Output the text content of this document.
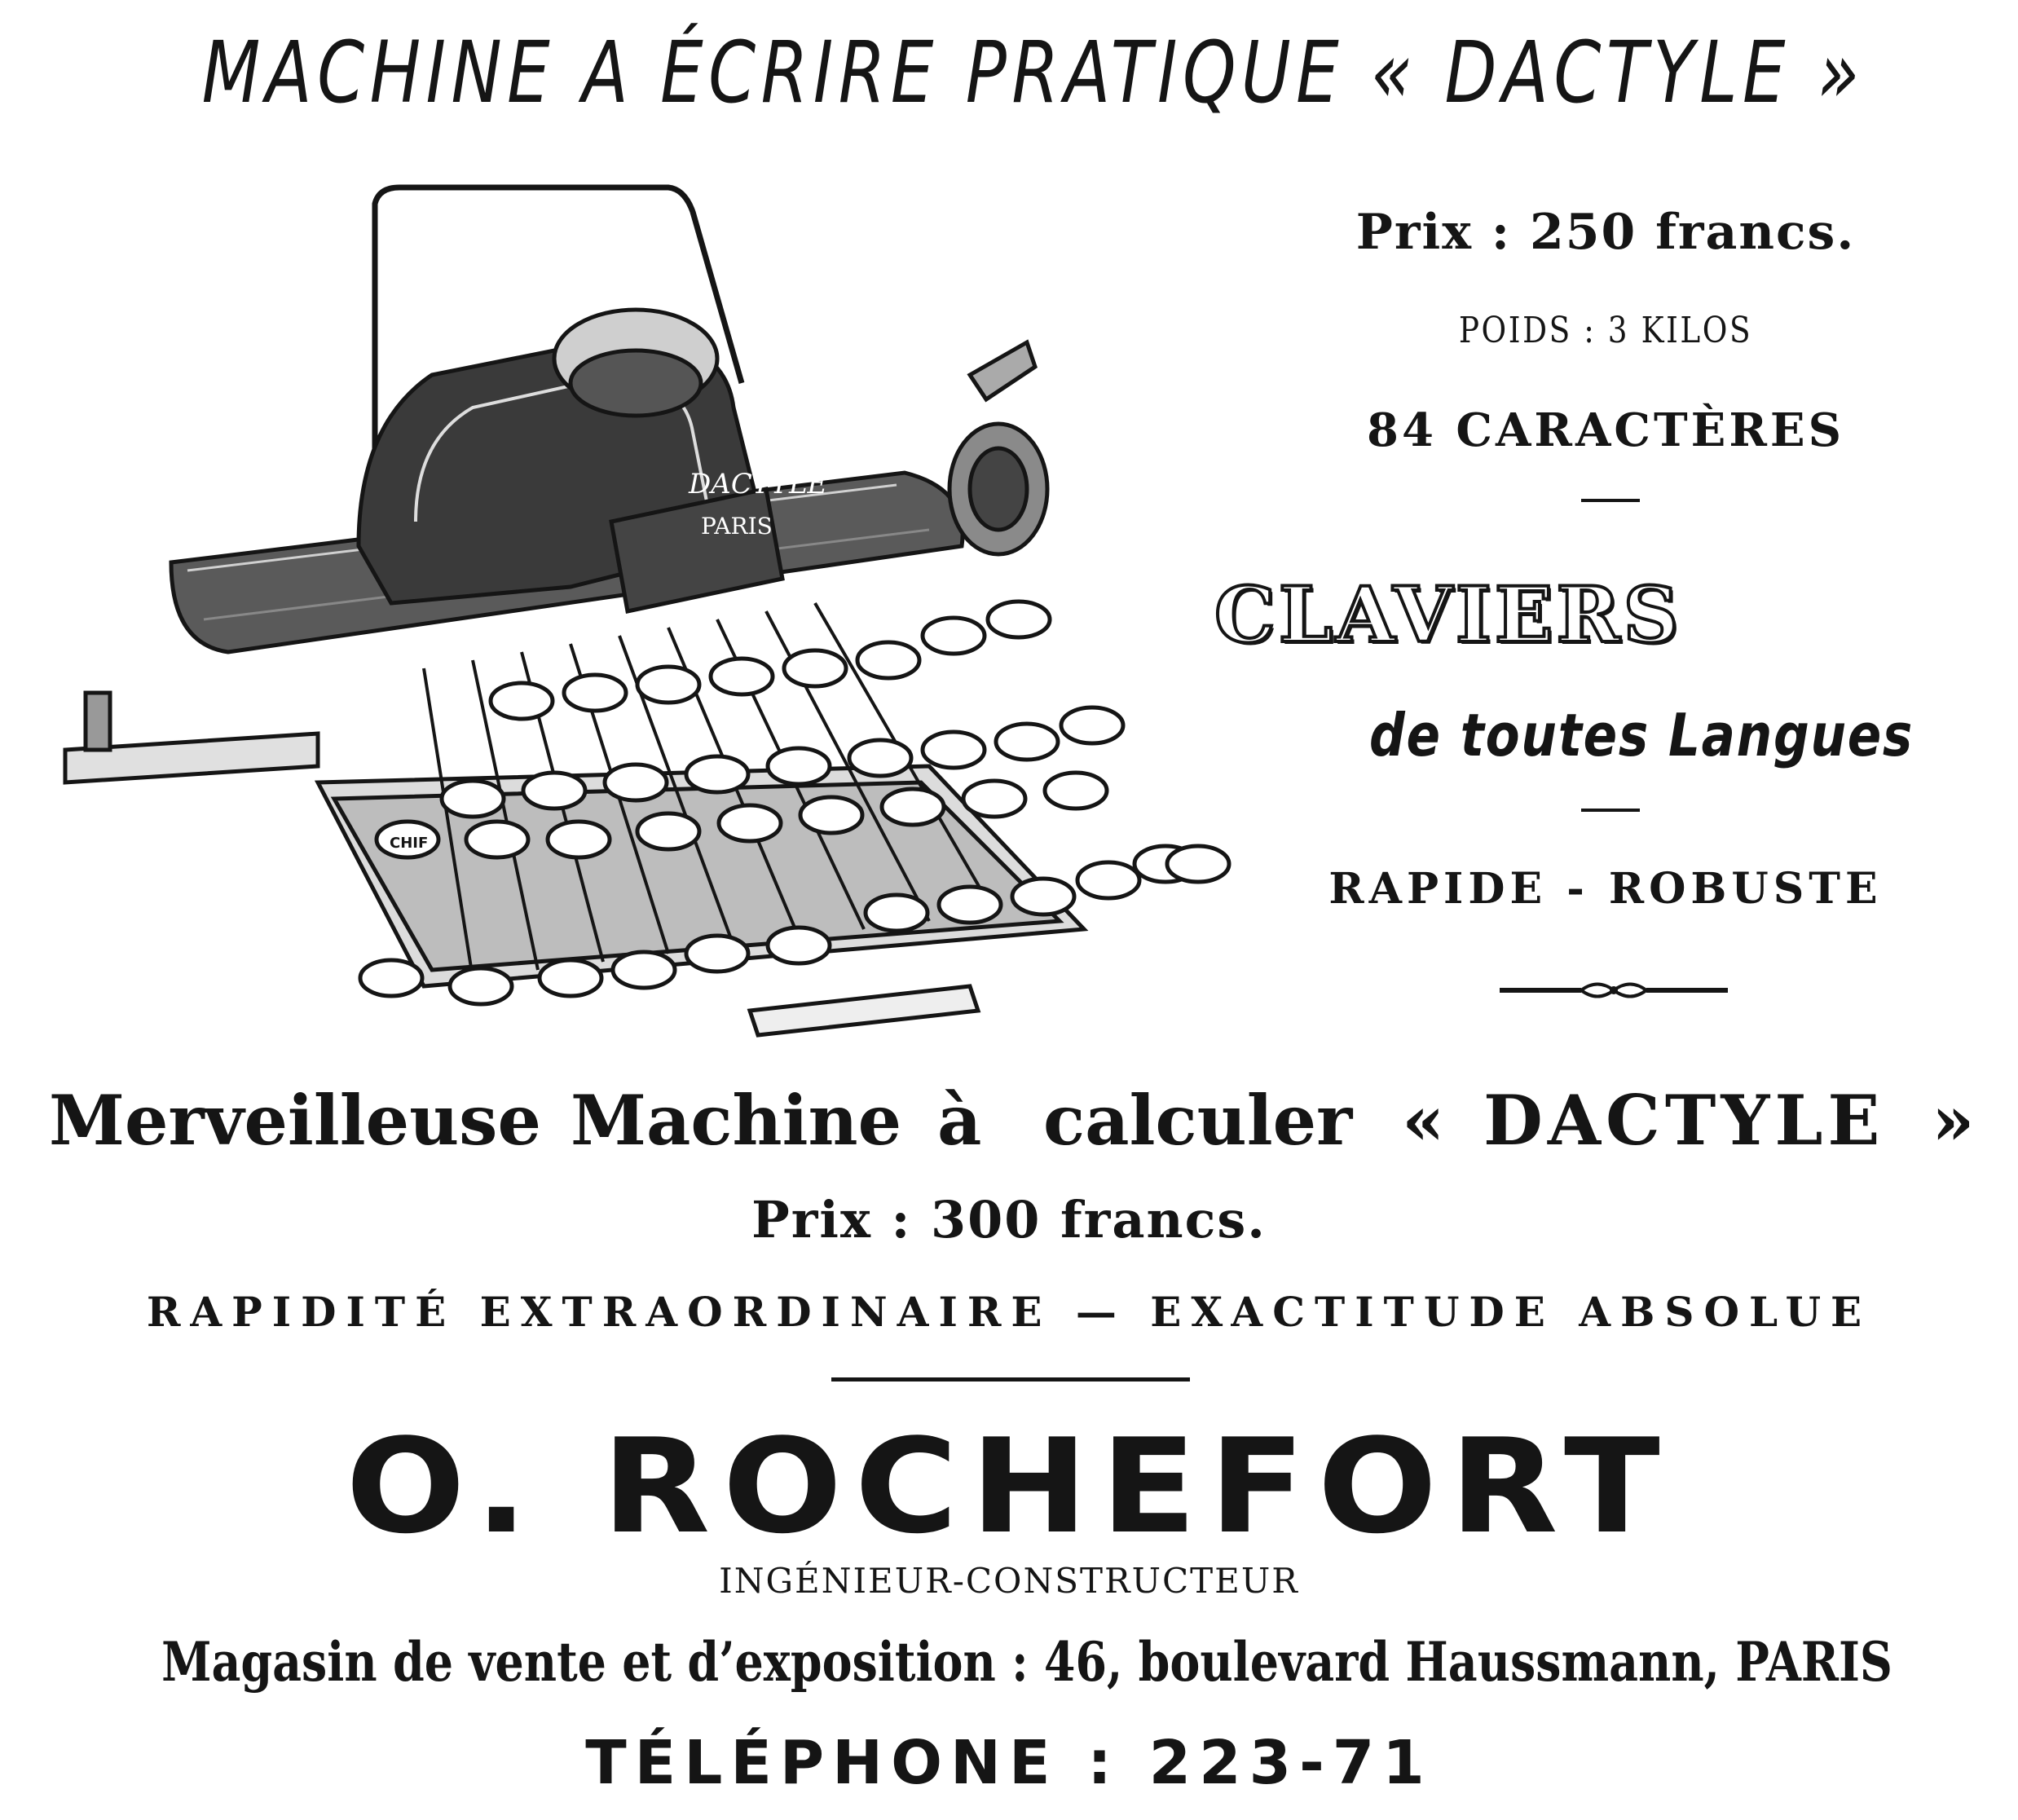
MACHINE A ÉCRIRE PRATIQUE « DACTYLE »
DACTYLE
PARIS
CHIF
Prix : 250 francs.
POIDS : 3 KILOS
84 CARACTÈRES
CLAVIERS
de toutes Langues
RAPIDE - ROBUSTE
Merveilleuse Machine à calculer « DACTYLE »
Prix : 300 francs.
RAPIDITÉ EXTRAORDINAIRE — EXACTITUDE ABSOLUE
O. ROCHEFORT
INGÉNIEUR-CONSTRUCTEUR
Magasin de vente et d’exposition : 46, boulevard Haussmann, PARIS
TÉLÉPHONE : 223-71
